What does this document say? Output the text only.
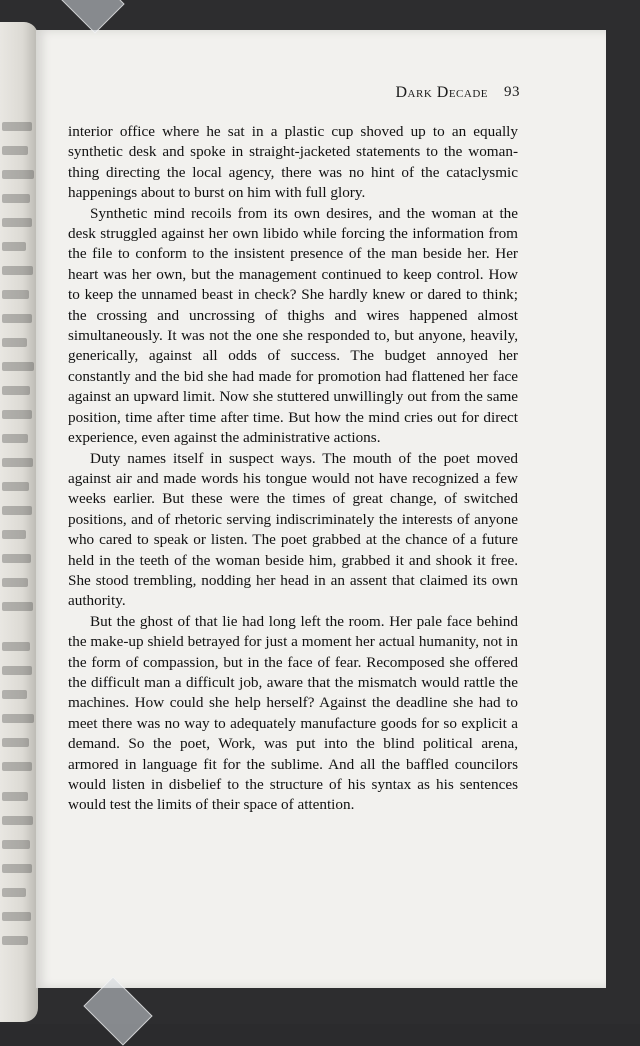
Dark Decade 93

interior office where he sat in a plastic cup shoved up to an equally synthetic desk and spoke in straight-jacketed statements to the woman-thing directing the local agency, there was no hint of the cataclysmic happenings about to burst on him with full glory.

Synthetic mind recoils from its own desires, and the woman at the desk struggled against her own libido while forcing the information from the file to conform to the insistent presence of the man beside her. Her heart was her own, but the management continued to keep control. How to keep the unnamed beast in check? She hardly knew or dared to think; the crossing and uncrossing of thighs and wires happened almost simultaneously. It was not the one she responded to, but anyone, heavily, generically, against all odds of success. The budget annoyed her constantly and the bid she had made for promotion had flattened her face against an upward limit. Now she stuttered unwillingly out from the same position, time after time after time. But how the mind cries out for direct experience, even against the administrative actions.

Duty names itself in suspect ways. The mouth of the poet moved against air and made words his tongue would not have recognized a few weeks earlier. But these were the times of great change, of switched positions, and of rhetoric serving indiscriminately the interests of anyone who cared to speak or listen. The poet grabbed at the chance of a future held in the teeth of the woman beside him, grabbed it and shook it free. She stood trembling, nodding her head in an assent that claimed its own authority.

But the ghost of that lie had long left the room. Her pale face behind the make-up shield betrayed for just a moment her actual humanity, not in the form of compassion, but in the face of fear. Recomposed she offered the difficult man a difficult job, aware that the mismatch would rattle the machines. How could she help herself? Against the deadline she had to meet there was no way to adequately manufacture goods for so explicit a demand. So the poet, Work, was put into the blind political arena, armored in language fit for the sublime. And all the baffled councilors would listen in disbelief to the structure of his syntax as his sentences would test the limits of their space of attention.
